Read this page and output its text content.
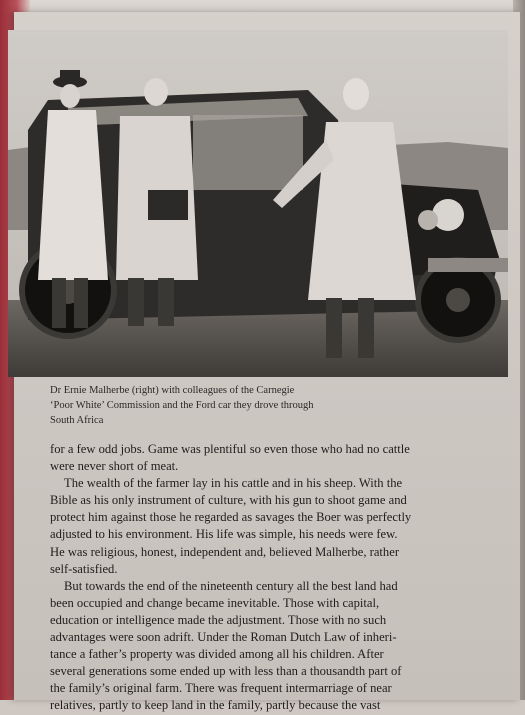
Dr Ernie Malherbe (right) with colleagues of the Carnegie
‘Poor White’ Commission and the Ford car they drove through
South Africa
for a few odd jobs. Game was plentiful so even those who had no cattle
were never short of meat.
The wealth of the farmer lay in his cattle and in his sheep. With the
Bible as his only instrument of culture, with his gun to shoot game and
protect him against those he regarded as savages the Boer was perfectly
adjusted to his environment. His life was simple, his needs were few.
He was religious, honest, independent and, believed Malherbe, rather
self-satisfied.
But towards the end of the nineteenth century all the best land had
been occupied and change became inevitable. Those with capital,
education or intelligence made the adjustment. Those with no such
advantages were soon adrift. Under the Roman Dutch Law of inheri-
tance a father’s property was divided among all his children. After
several generations some ended up with less than a thousandth part of
the family’s original farm. There was frequent intermarriage of near
relatives, partly to keep land in the family, partly because the vast
